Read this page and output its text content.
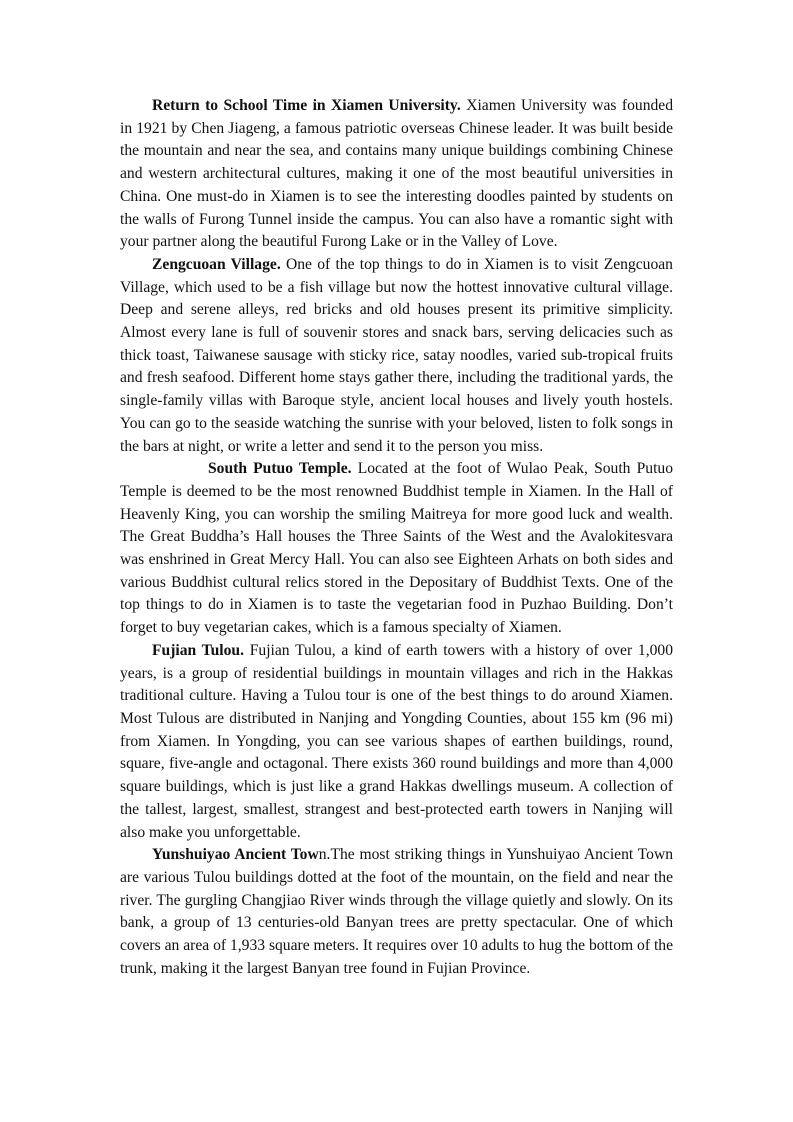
Return to School Time in Xiamen University. Xiamen University was founded in 1921 by Chen Jiageng, a famous patriotic overseas Chinese leader. It was built beside the mountain and near the sea, and contains many unique buildings combining Chinese and western architectural cultures, making it one of the most beautiful universities in China. One must-do in Xiamen is to see the interesting doodles painted by students on the walls of Furong Tunnel inside the campus. You can also have a romantic sight with your partner along the beautiful Furong Lake or in the Valley of Love.

Zengcuoan Village. One of the top things to do in Xiamen is to visit Zengcuoan Village, which used to be a fish village but now the hottest innovative cultural village. Deep and serene alleys, red bricks and old houses present its primitive simplicity. Almost every lane is full of souvenir stores and snack bars, serving delicacies such as thick toast, Taiwanese sausage with sticky rice, satay noodles, varied sub-tropical fruits and fresh seafood. Different home stays gather there, including the traditional yards, the single-family villas with Baroque style, ancient local houses and lively youth hostels. You can go to the seaside watching the sunrise with your beloved, listen to folk songs in the bars at night, or write a letter and send it to the person you miss.

South Putuo Temple. Located at the foot of Wulao Peak, South Putuo Temple is deemed to be the most renowned Buddhist temple in Xiamen. In the Hall of Heavenly King, you can worship the smiling Maitreya for more good luck and wealth. The Great Buddha’s Hall houses the Three Saints of the West and the Avalokitesvara was enshrined in Great Mercy Hall. You can also see Eighteen Arhats on both sides and various Buddhist cultural relics stored in the Depositary of Buddhist Texts. One of the top things to do in Xiamen is to taste the vegetarian food in Puzhao Building. Don’t forget to buy vegetarian cakes, which is a famous specialty of Xiamen.

Fujian Tulou. Fujian Tulou, a kind of earth towers with a history of over 1,000 years, is a group of residential buildings in mountain villages and rich in the Hakkas traditional culture. Having a Tulou tour is one of the best things to do around Xiamen. Most Tulous are distributed in Nanjing and Yongding Counties, about 155 km (96 mi) from Xiamen. In Yongding, you can see various shapes of earthen buildings, round, square, five-angle and octagonal. There exists 360 round buildings and more than 4,000 square buildings, which is just like a grand Hakkas dwellings museum. A collection of the tallest, largest, smallest, strangest and best-protected earth towers in Nanjing will also make you unforgettable.

Yunshuiyao Ancient Town.The most striking things in Yunshuiyao Ancient Town are various Tulou buildings dotted at the foot of the mountain, on the field and near the river. The gurgling Changjiao River winds through the village quietly and slowly. On its bank, a group of 13 centuries-old Banyan trees are pretty spectacular. One of which covers an area of 1,933 square meters. It requires over 10 adults to hug the bottom of the trunk, making it the largest Banyan tree found in Fujian Province.
